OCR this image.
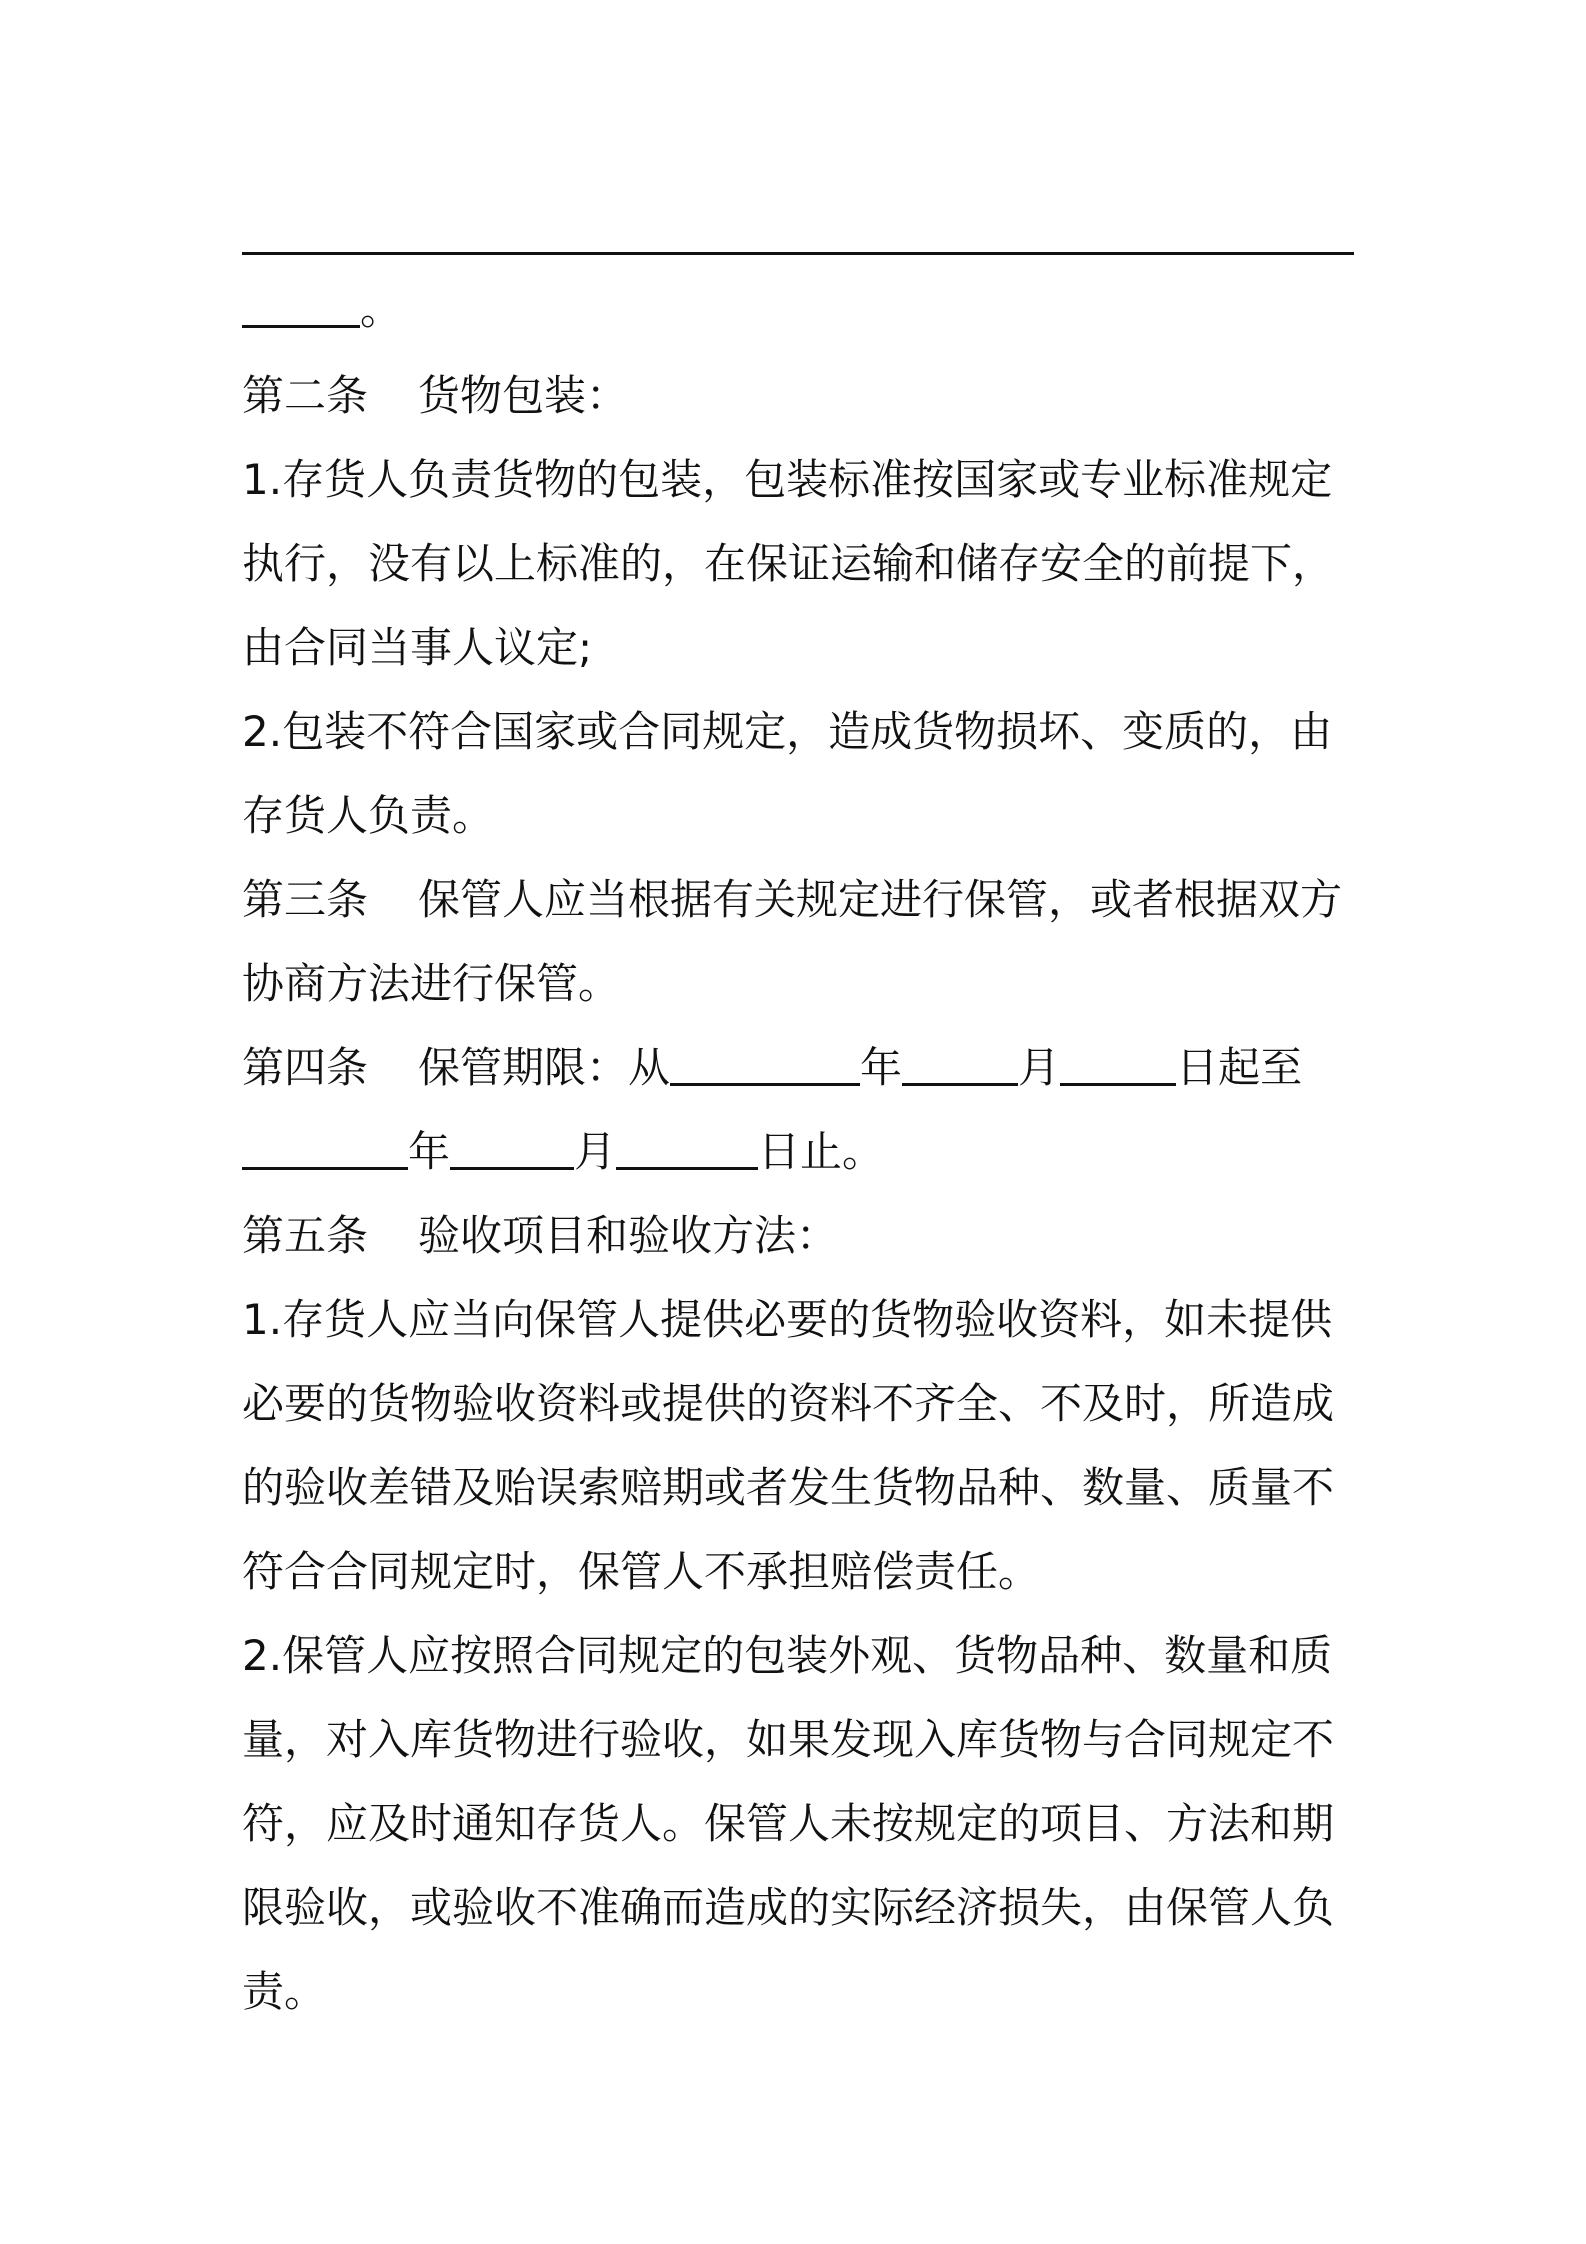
。
第二条 货物包装：
1.存货人负责货物的包装，包装标准按国家或专业标准规定
执行，没有以上标准的，在保证运输和储存安全的前提下，
由合同当事人议定;
2.包装不符合国家或合同规定，造成货物损坏、变质的，由
存货人负责。
第三条 保管人应当根据有关规定进行保管，或者根据双方
协商方法进行保管。
第四条 保管期限：从	年	月	日起至
年	月	日止。
第五条 验收项目和验收方法：
1.存货人应当向保管人提供必要的货物验收资料，如未提供
必要的货物验收资料或提供的资料不齐全、不及时，所造成
的验收差错及贻误索赔期或者发生货物品种、数量、质量不
符合合同规定时，保管人不承担赔偿责任。
2.保管人应按照合同规定的包装外观、货物品种、数量和质
量，对入库货物进行验收，如果发现入库货物与合同规定不
符，应及时通知存货人。保管人未按规定的项目、方法和期
限验收，或验收不准确而造成的实际经济损失，由保管人负
责。
